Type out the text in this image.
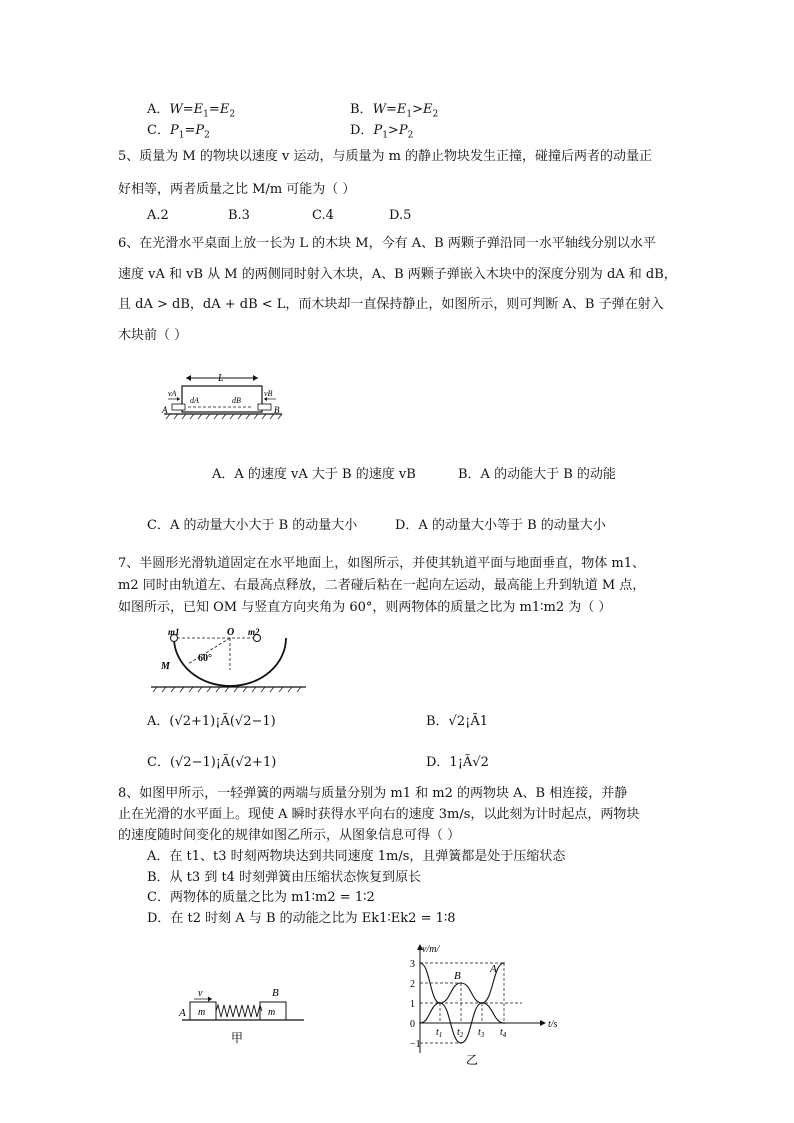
A．$W=E_1=E_2$	B．$W=E_1>E_2$
C．$P_1=P_2$	D．$P_1>P_2$
5、质量为 M 的物块以速度 v 运动，与质量为 m 的静止物块发生正撞，碰撞后两者的动量正
好相等，两者质量之比 M/m 可能为（ ）
A.2	B.3	C.4	D.5
6、在光滑水平桌面上放一长为 L 的木块 M，今有 A、B 两颗子弹沿同一水平轴线分别以水平
速度 vA 和 vB 从 M 的两侧同时射入木块，A、B 两颗子弹嵌入木块中的深度分别为 dA 和 dB，
且 dA > dB，dA + dB < L，而木块却一直保持静止，如图所示，则可判断 A、B 子弹在射入
木块前（ ）
L
A	B
dA	dB
vA	vB
A．A 的速度 vA 大于 B 的速度 vB	B．A 的动能大于 B 的动能
C．A 的动量大小大于 B 的动量大小	D．A 的动量大小等于 B 的动量大小
7、半圆形光滑轨道固定在水平地面上，如图所示，并使其轨道平面与地面垂直，物体 m1、
m2 同时由轨道左、右最高点释放，二者碰后粘在一起向左运动，最高能上升到轨道 M 点，
如图所示，已知 OM 与竖直方向夹角为 60°，则两物体的质量之比为 m1∶m2 为（ ）
m1	O m2
60°
M
A．(√2+1)¡Ã(√2−1)	B．√2¡Ã1
C．(√2−1)¡Ã(√2+1)	D．1¡Ã√2
8、如图甲所示，一轻弹簧的两端与质量分别为 m1 和 m2 的两物块 A、B 相连接，并静
止在光滑的水平面上。现使 A 瞬时获得水平向右的速度 3m/s，以此刻为计时起点，两物块
的速度随时间变化的规律如图乙所示，从图象信息可得（ ）
A．在 t1、t3 时刻两物块达到共同速度 1m/s，且弹簧都是处于压缩状态
B．从 t3 到 t4 时刻弹簧由压缩状态恢复到原长
C．两物体的质量之比为 m1∶m2 = 1∶2
D．在 t2 时刻 A 与 B 的动能之比为 Ek1∶Ek2 = 1∶8
v	B
m	m
A
甲
3
2
1
0
−1
$t_1$ $t_2$ $t_3$ $t_4$
v/m/
t/s
乙
B
A
